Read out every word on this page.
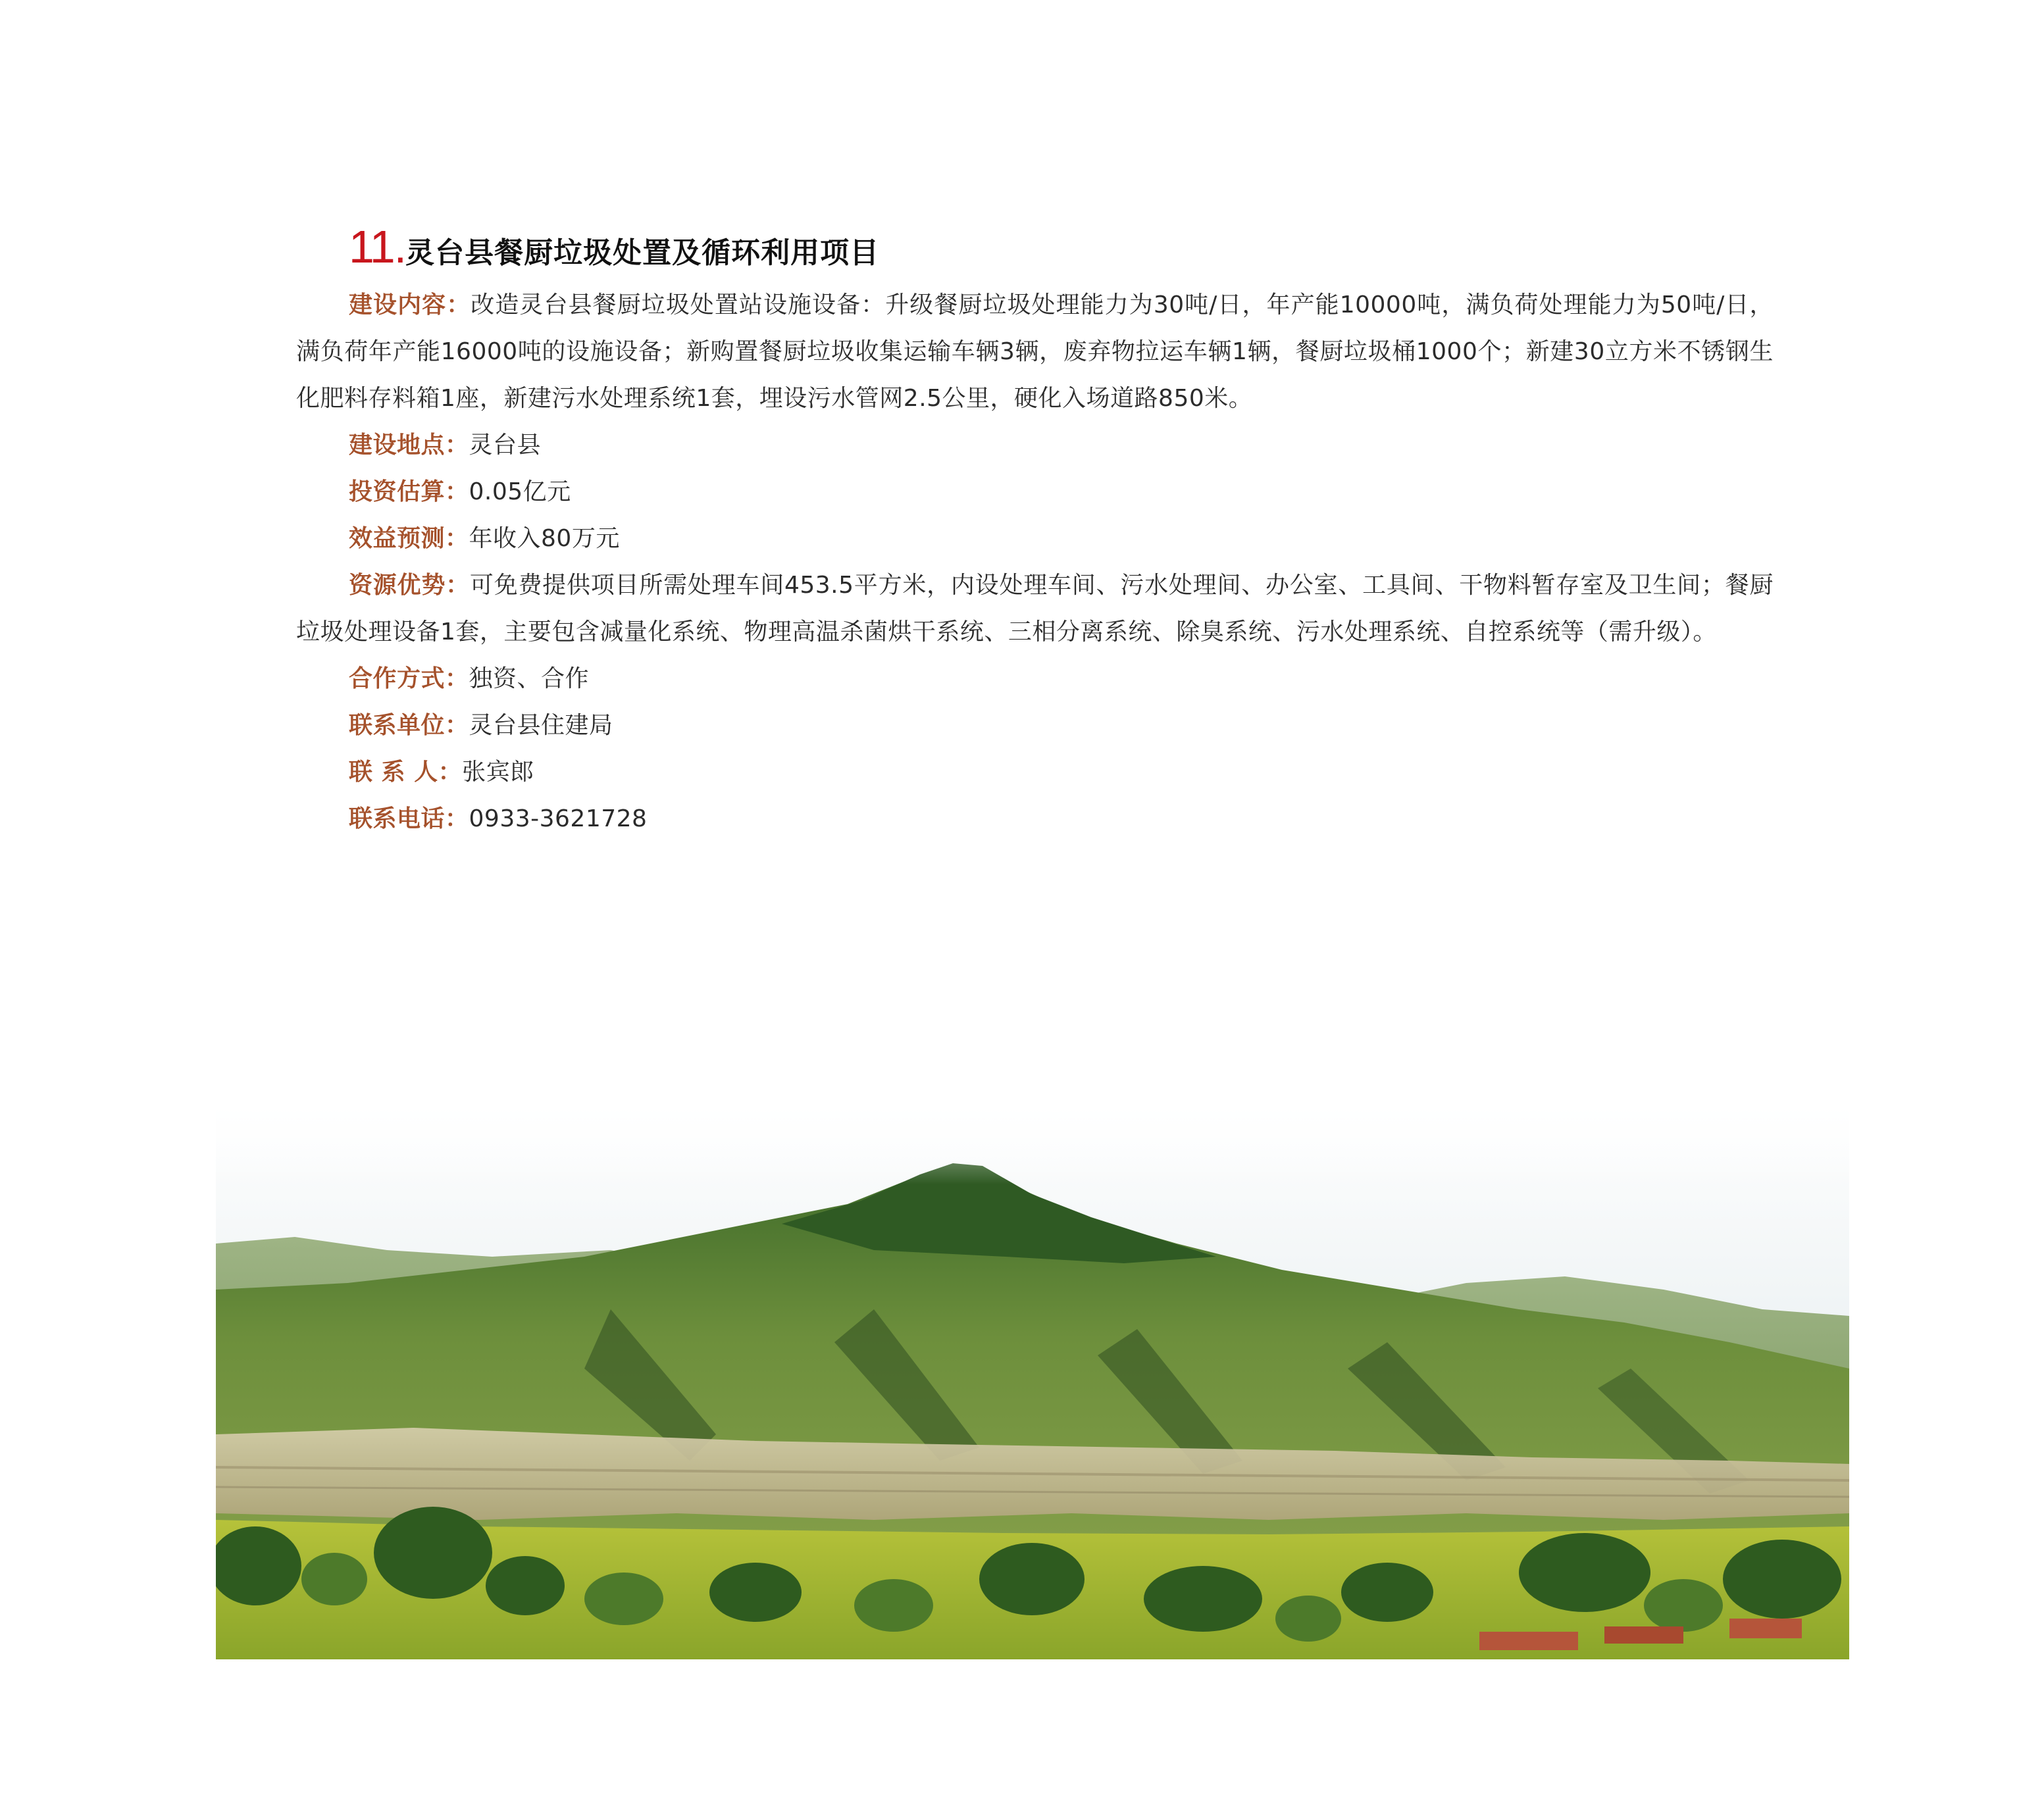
11. 灵台县餐厨垃圾处置及循环利用项目
建设内容：改造灵台县餐厨垃圾处置站设施设备：升级餐厨垃圾处理能力为30吨/日，年产能10000吨，满负荷处理能力为50吨/日，满负荷年产能16000吨的设施设备；新购置餐厨垃圾收集运输车辆3辆，废弃物拉运车辆1辆，餐厨垃圾桶1000个；新建30立方米不锈钢生化肥料存料箱1座，新建污水处理系统1套，埋设污水管网2.5公里，硬化入场道路850米。
建设地点：灵台县
投资估算：0.05亿元
效益预测：年收入80万元
资源优势：可免费提供项目所需处理车间453.5平方米，内设处理车间、污水处理间、办公室、工具间、干物料暂存室及卫生间；餐厨垃圾处理设备1套，主要包含减量化系统、物理高温杀菌烘干系统、三相分离系统、除臭系统、污水处理系统、自控系统等（需升级）。
合作方式：独资、合作
联系单位：灵台县住建局
联 系 人：张宾郎
联系电话：0933-3621728
